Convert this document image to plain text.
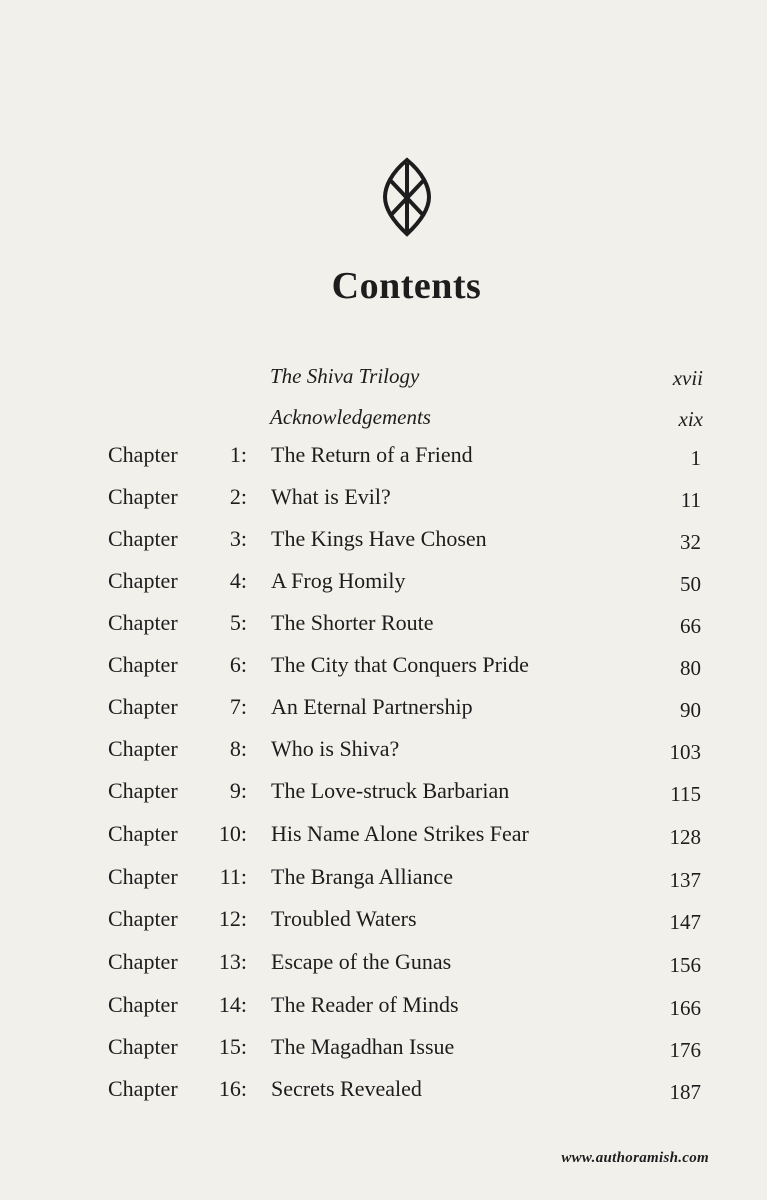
Contents
The Shiva Trilogy	xvii
Acknowledgements	xix
Chapter 1: The Return of a Friend	1
Chapter 2: What is Evil?	11
Chapter 3: The Kings Have Chosen	32
Chapter 4: A Frog Homily	50
Chapter 5: The Shorter Route	66
Chapter 6: The City that Conquers Pride	80
Chapter 7: An Eternal Partnership	90
Chapter 8: Who is Shiva?	103
Chapter 9: The Love-struck Barbarian	115
Chapter 10: His Name Alone Strikes Fear	128
Chapter 11: The Branga Alliance	137
Chapter 12: Troubled Waters	147
Chapter 13: Escape of the Gunas	156
Chapter 14: The Reader of Minds	166
Chapter 15: The Magadhan Issue	176
Chapter 16: Secrets Revealed	187
www.authoramish.com
